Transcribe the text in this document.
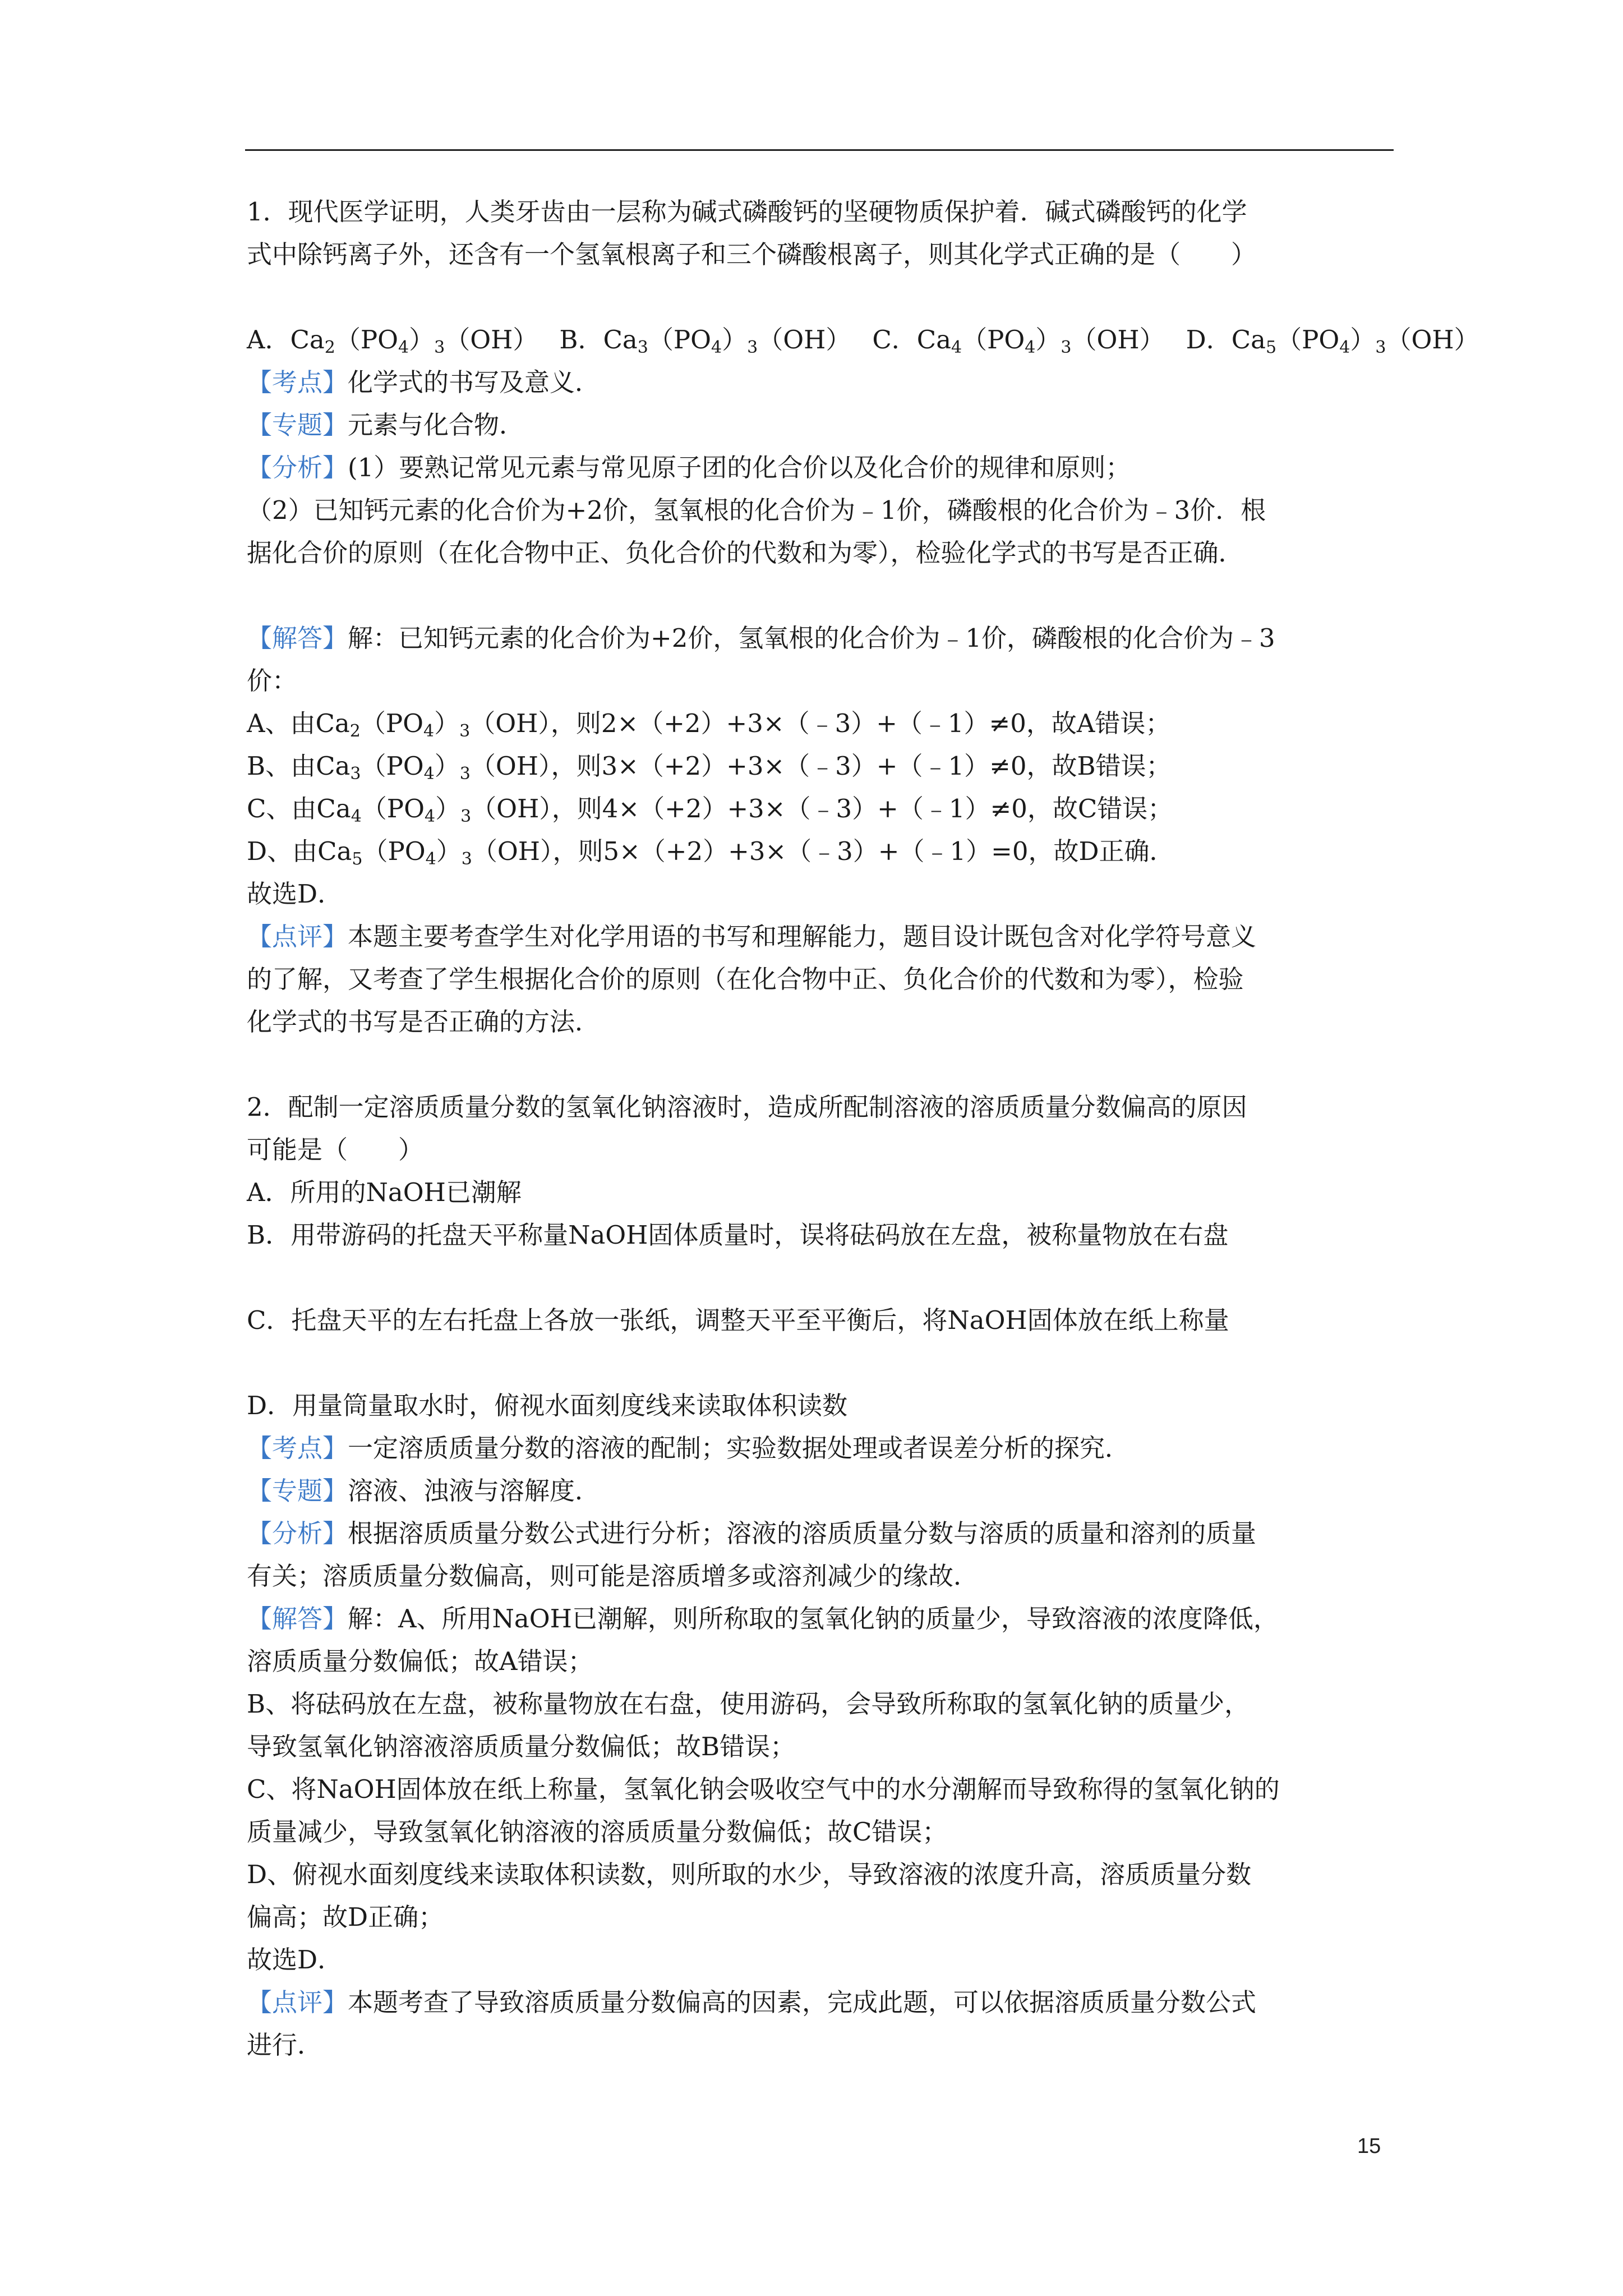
1．现代医学证明，人类牙齿由一层称为碱式磷酸钙的坚硬物质保护着．碱式磷酸钙的化学
式中除钙离子外，还含有一个氢氧根离子和三个磷酸根离子，则其化学式正确的是（　　）
A．$Ca_2(PO_4)_3(OH)$ B．$Ca_3(PO_4)_3(OH)$ C．$Ca_4(PO_4)_3(OH)$ D．$Ca_5(PO_4)_3(OH)$
【考点】化学式的书写及意义．
【专题】元素与化合物．
【分析】(1）要熟记常见元素与常见原子团的化合价以及化合价的规律和原则；
（2）已知钙元素的化合价为+2价，氢氧根的化合价为﹣1价，磷酸根的化合价为﹣3价．根
据化合价的原则（在化合物中正、负化合价的代数和为零），检验化学式的书写是否正确．
【解答】解：已知钙元素的化合价为+2价，氢氧根的化合价为﹣1价，磷酸根的化合价为﹣3
价：
A、由$Ca_2(PO_4)_3(OH)$，则2×（+2）+3×（﹣3）+（﹣1）≠0，故A错误；
B、由$Ca_3(PO_4)_3(OH)$，则3×（+2）+3×（﹣3）+（﹣1）≠0，故B错误；
C、由$Ca_4(PO_4)_3(OH)$，则4×（+2）+3×（﹣3）+（﹣1）≠0，故C错误；
D、由$Ca_5(PO_4)_3(OH)$，则5×（+2）+3×（﹣3）+（﹣1）=0，故D正确．
故选D．
【点评】本题主要考查学生对化学用语的书写和理解能力，题目设计既包含对化学符号意义
的了解，又考查了学生根据化合价的原则（在化合物中正、负化合价的代数和为零），检验
化学式的书写是否正确的方法．
2．配制一定溶质质量分数的氢氧化钠溶液时，造成所配制溶液的溶质质量分数偏高的原因
可能是（　　）
A．所用的NaOH已潮解
B．用带游码的托盘天平称量NaOH固体质量时，误将砝码放在左盘，被称量物放在右盘
C．托盘天平的左右托盘上各放一张纸，调整天平至平衡后，将NaOH固体放在纸上称量
D．用量筒量取水时，俯视水面刻度线来读取体积读数
【考点】一定溶质质量分数的溶液的配制；实验数据处理或者误差分析的探究．
【专题】溶液、浊液与溶解度．
【分析】根据溶质质量分数公式进行分析；溶液的溶质质量分数与溶质的质量和溶剂的质量
有关；溶质质量分数偏高，则可能是溶质增多或溶剂减少的缘故．
【解答】解：A、所用NaOH已潮解，则所称取的氢氧化钠的质量少，导致溶液的浓度降低，
溶质质量分数偏低；故A错误；
B、将砝码放在左盘，被称量物放在右盘，使用游码，会导致所称取的氢氧化钠的质量少，
导致氢氧化钠溶液溶质质量分数偏低；故B错误；
C、将NaOH固体放在纸上称量，氢氧化钠会吸收空气中的水分潮解而导致称得的氢氧化钠的
质量减少，导致氢氧化钠溶液的溶质质量分数偏低；故C错误；
D、俯视水面刻度线来读取体积读数，则所取的水少，导致溶液的浓度升高，溶质质量分数
偏高；故D正确；
故选D．
【点评】本题考查了导致溶质质量分数偏高的因素，完成此题，可以依据溶质质量分数公式
进行．
15
